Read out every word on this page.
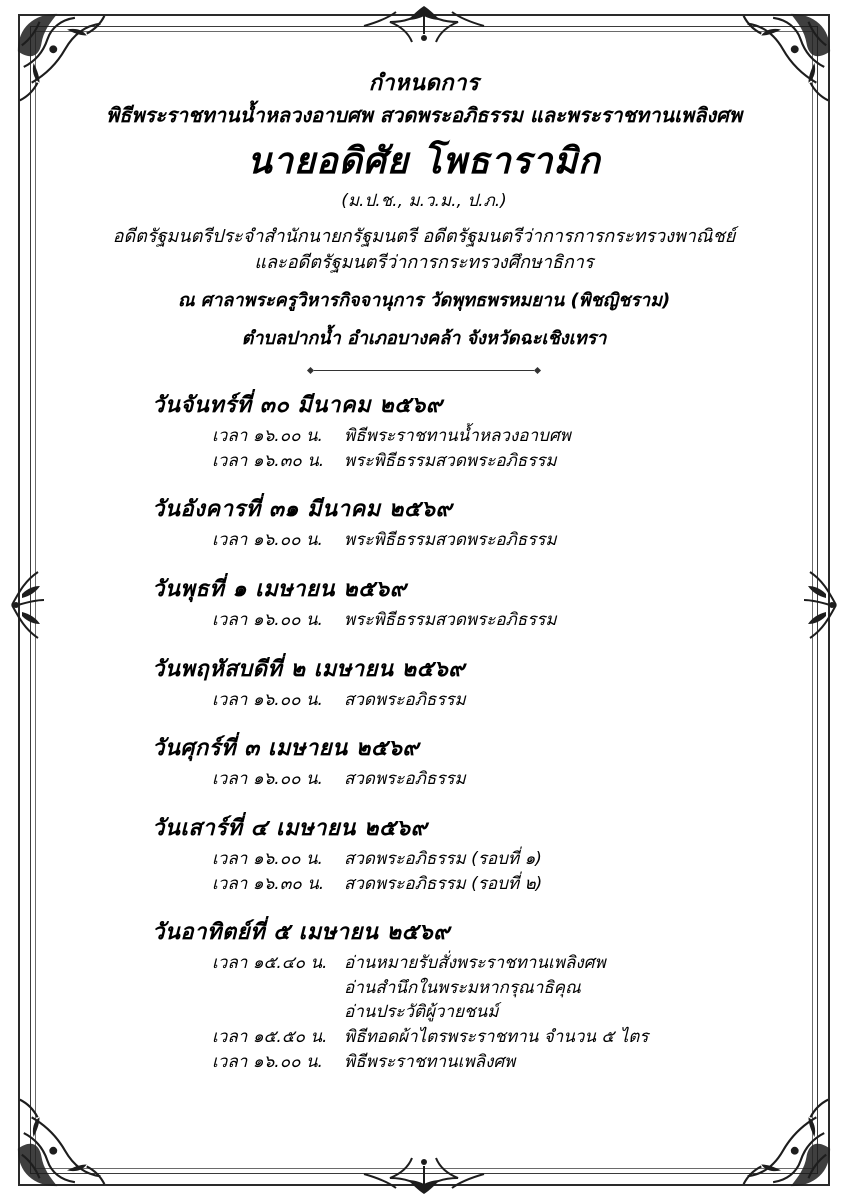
กำหนดการ
พิธีพระราชทานน้ำหลวงอาบศพ สวดพระอภิธรรม และพระราชทานเพลิงศพ
นายอดิศัย โพธารามิก
(ม.ป.ช., ม.ว.ม., ป.ภ.)
อดีตรัฐมนตรีประจำสำนักนายกรัฐมนตรี อดีตรัฐมนตรีว่าการการกระทรวงพาณิชย์
และอดีตรัฐมนตรีว่าการกระทรวงศึกษาธิการ
ณ ศาลาพระครูวิหารกิจจานุการ วัดพุทธพรหมยาน (พิชญิชราม)
ตำบลปากน้ำ อำเภอบางคล้า จังหวัดฉะเชิงเทรา
วันจันทร์ที่ ๓๐ มีนาคม ๒๕๖๙
เวลา ๑๖.๐๐ น. พิธีพระราชทานน้ำหลวงอาบศพ
เวลา ๑๖.๓๐ น. พระพิธีธรรมสวดพระอภิธรรม
วันอังคารที่ ๓๑ มีนาคม ๒๕๖๙
เวลา ๑๖.๐๐ น. พระพิธีธรรมสวดพระอภิธรรม
วันพุธที่ ๑ เมษายน ๒๕๖๙
เวลา ๑๖.๐๐ น. พระพิธีธรรมสวดพระอภิธรรม
วันพฤหัสบดีที่ ๒ เมษายน ๒๕๖๙
เวลา ๑๖.๐๐ น. สวดพระอภิธรรม
วันศุกร์ที่ ๓ เมษายน ๒๕๖๙
เวลา ๑๖.๐๐ น. สวดพระอภิธรรม
วันเสาร์ที่ ๔ เมษายน ๒๕๖๙
เวลา ๑๖.๐๐ น. สวดพระอภิธรรม (รอบที่ ๑)
เวลา ๑๖.๓๐ น. สวดพระอภิธรรม (รอบที่ ๒)
วันอาทิตย์ที่ ๕ เมษายน ๒๕๖๙
เวลา ๑๕.๔๐ น. อ่านหมายรับสั่งพระราชทานเพลิงศพ
อ่านสำนึกในพระมหากรุณาธิคุณ
อ่านประวัติผู้วายชนม์
เวลา ๑๕.๕๐ น. พิธีทอดผ้าไตรพระราชทาน จำนวน ๕ ไตร
เวลา ๑๖.๐๐ น. พิธีพระราชทานเพลิงศพ
